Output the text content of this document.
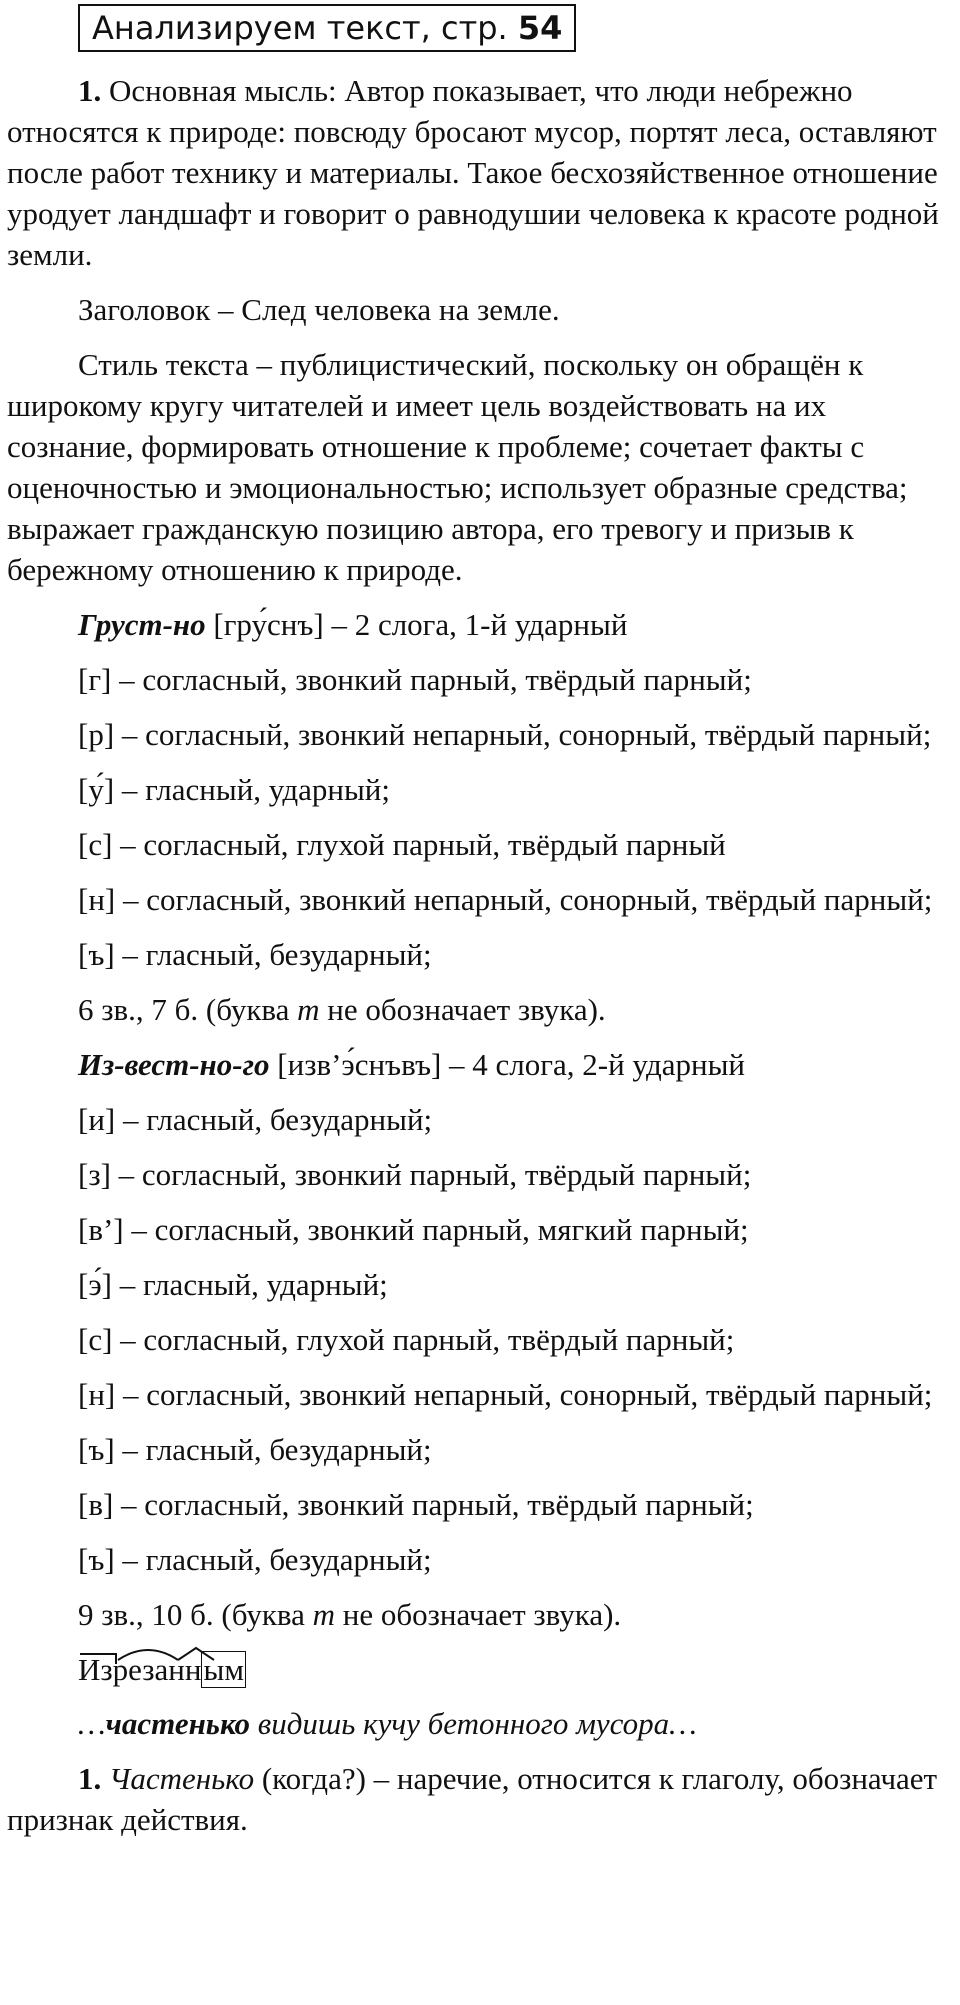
Анализируем текст, стр. 54

1. Основная мысль: Автор показывает, что люди небрежно относятся к природе: повсюду бросают мусор, портят леса, оставляют после работ технику и материалы. Такое бесхозяйственное отношение уродует ландшафт и говорит о равнодушии человека к красоте родной земли.

Заголовок – След человека на земле.

Стиль текста – публицистический, поскольку он обращён к широкому кругу читателей и имеет цель воздействовать на их сознание, формировать отношение к проблеме; сочетает факты с оценочностью и эмоциональностью; использует образные средства; выражает гражданскую позицию автора, его тревогу и призыв к бережному отношению к природе.

Груст-но [гру́снъ] – 2 слога, 1-й ударный

[г] – согласный, звонкий парный, твёрдый парный;

[р] – согласный, звонкий непарный, сонорный, твёрдый парный;

[у́] – гласный, ударный;

[с] – согласный, глухой парный, твёрдый парный

[н] – согласный, звонкий непарный, сонорный, твёрдый парный;

[ъ] – гласный, безударный;

6 зв., 7 б. (буква т не обозначает звука).

Из-вест-но-го [изв’э́снъвъ] – 4 слога, 2-й ударный

[и] – гласный, безударный;

[з] – согласный, звонкий парный, твёрдый парный;

[в’] – согласный, звонкий парный, мягкий парный;

[э́] – гласный, ударный;

[с] – согласный, глухой парный, твёрдый парный;

[н] – согласный, звонкий непарный, сонорный, твёрдый парный;

[ъ] – гласный, безударный;

[в] – согласный, звонкий парный, твёрдый парный;

[ъ] – гласный, безударный;

9 зв., 10 б. (буква т не обозначает звука).

Изрезанным

…частенько видишь кучу бетонного мусора…

1. Частенько (когда?) – наречие, относится к глаголу, обозначает признак действия.
